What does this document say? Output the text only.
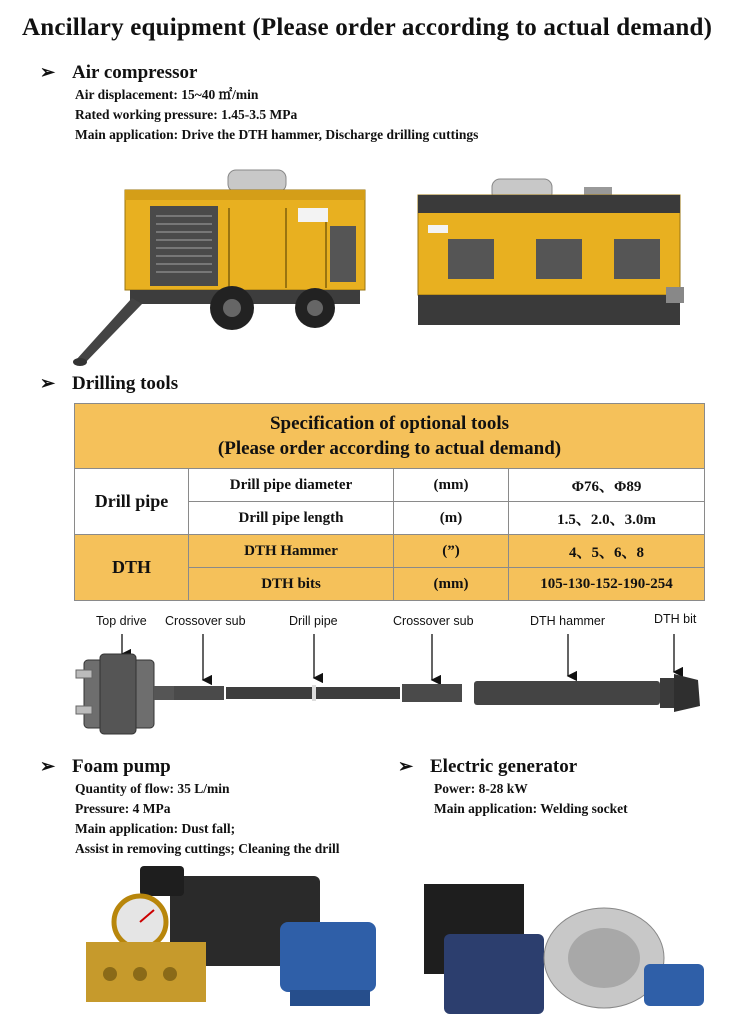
Ancillary equipment (Please order according to actual demand)
➢ Air compressor
Air displacement: 15~40 ㎡/min
Rated working pressure: 1.45-3.5 MPa
Main application: Drive the DTH hammer, Discharge drilling cuttings
➢ Drilling tools
Specification of optional tools
(Please order according to actual demand)			

Drill pipe	Drill pipe diameter	(mm)	Φ76、Φ89
	Drill pipe length	(m)	1.5、2.0、3.0m
DTH	DTH Hammer	(”)	4、5、6、8
	DTH bits	(mm)	105-130-152-190-254
Top drive Crossover sub	Drill pipe	Crossover sub	DTH hammer	DTH bit
➢ Foam pump
Quantity of flow: 35 L/min
Pressure: 4 MPa
Main application: Dust fall;
Assist in removing cuttings; Cleaning the drill
➢ Electric generator
Power: 8-28 kW
Main application: Welding socket
